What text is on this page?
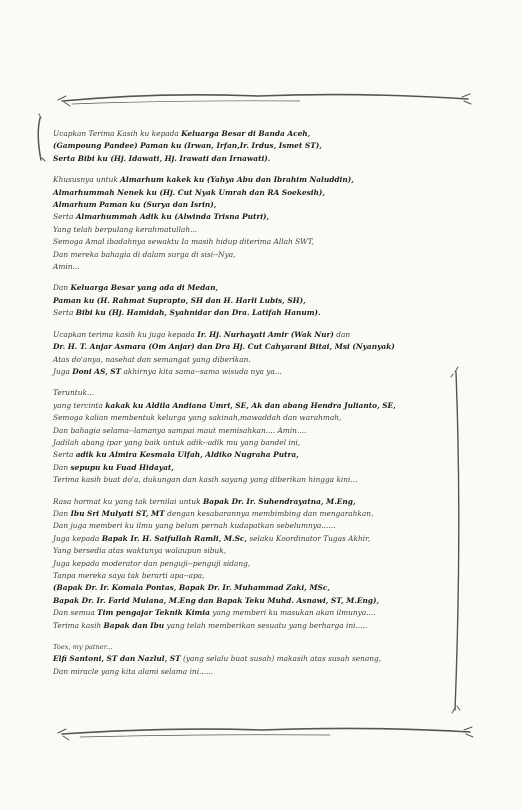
Ucapkan Terima Kasih ku kepada Keluarga Besar di Banda Aceh,
(Gampoung Pandee) Paman ku (Irwan, Irfan,Ir. Irdus, Ismet ST),
Serta Bibi ku (Hj. Idawati, Hj. Irawati dan Irnawati).
Khususnya untuk Almarhum kakek ku (Yahya Abu dan Ibrahim Naluddin),
Almarhummah Nenek ku (Hj. Cut Nyak Umrah dan RA Soekesih),
Almarhum Paman ku (Surya dan Isrin),
Serta Almarhummah Adik ku (Alwinda Trisna Putri),
Yang telah berpulang kerahmatullah...
Semoga Amal ibadahnya sewaktu Ia masih hidup diterima Allah SWT,
Dan mereka bahagia di dalam surga di sisi--Nya,
Amin...
Dan Keluarga Besar yang ada di Medan,
Paman ku (H. Rahmat Suprapto, SH dan H. Harli Lubis, SH),
Serta Bibi ku (Hj. Hamidah, Syahnidar dan Dra. Latifah Hanum).
Ucapkan terima kasih ku juga kepada Ir. Hj. Nurhayati Amir (Wak Nur) dan
Dr. H. T. Anjar Asmara (Om Anjar) dan Dra Hj. Cut Cahyarani Bitai, Msi (Nyanyak)
Atas do'anya, nasehat dan semangat yang diberikan.
Juga Doni AS, ST akhirnya kita sama--sama wisuda nya ya...
Teruntuk...
yang tercinta kakak ku Aldila Andiana Umri, SE, Ak dan abang Hendra Julianto, SE,
Semoga kalian membentuk kelurga yang sakinah,mawaddah dan warahmah,
Dan bahagia selama--lamanya sampai maut memisahkan.... Amin....
Jadilah abang ipar yang baik untuk adik--adik mu yang bandel ini,
Serta adik ku Almira Kesmala Ulfah, Aldiko Nugraha Putra,
Dan sepupu ku Fuad Hidayat,
Terima kasih buat do'a, dukungan dan kasih sayang yang diberikan hingga kini...
Rasa hormat ku yang tak ternilai untuk Bapak Dr. Ir. Suhendrayatna, M.Eng,
Dan Ibu Sri Mulyati ST, MT dengan kesabarannya membimbing dan mengarahkan,
Dan juga memberi ku ilmu yang belum pernah kudapatkan sebelumnya......
Juga kepada Bapak Ir. H. Saifullah Ramli, M.Sc, selaku Koordinator Tugas Akhir,
Yang bersedia atas waktunya walaupun sibuk,
Juga kepada moderator dan penguji--penguji sidang,
Tanpa mereka saya tak berarti apa--apa,
(Bapak Dr. Ir. Komala Pontas, Bapak Dr. Ir. Muhammad Zaki, MSc,
Bapak Dr. Ir. Farid Mulana, M.Eng dan Bapak Teku Muhd. Asnawi, ST, M.Eng),
Dan semua Tim pengajar Teknik Kimia yang memberi ku masukan akan ilmunya....
Terima kasih Bapak dan Ibu yang telah memberikan sesuatu yang berharga ini.....
Toex, my patner...
Elfi Santoni, ST dan Nazlul, ST (yang selalu buat susah) makasih atas susah senang,
Dan miracle yang kita alami selama ini......
